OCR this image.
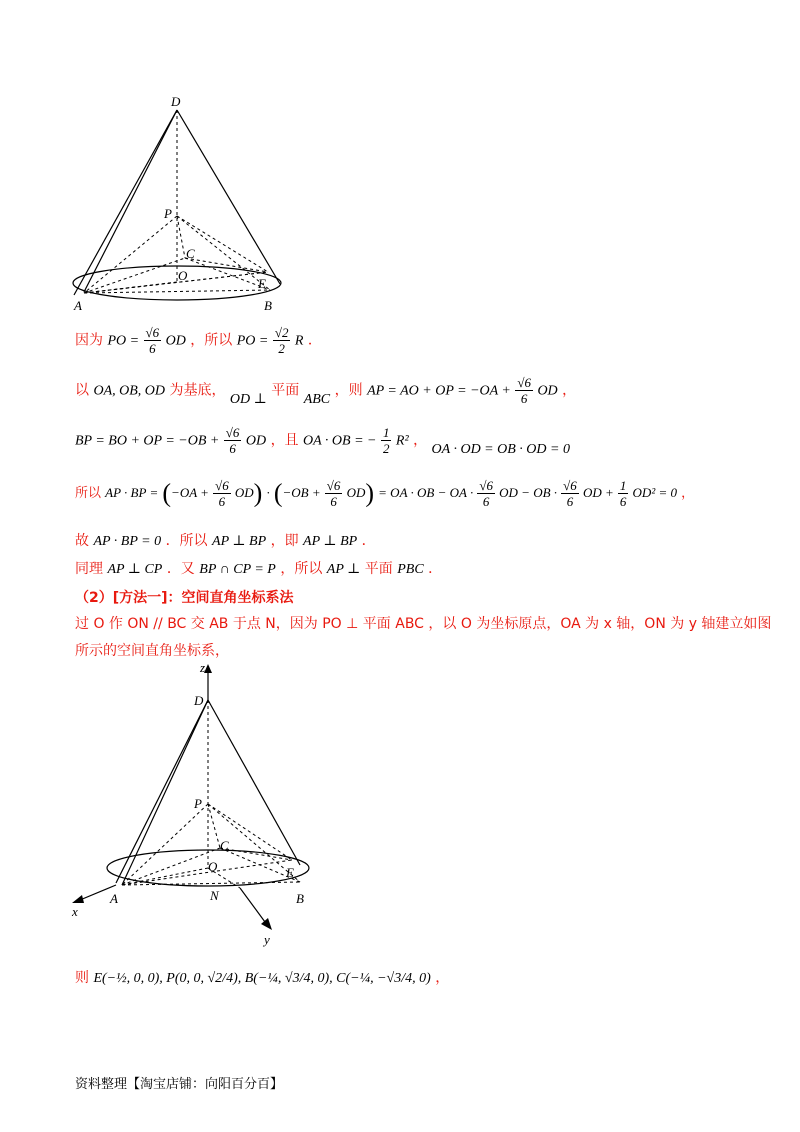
D
P
C
O
A
E
B
因为 PO = $\frac{√6}{6}$ OD ，所以 PO = $\frac{√2}{2}$ R ．
以 OA, OB, OD 为基底， OD ⊥ 平面 ABC ，则 AP = AO + OP = $-OA + \frac{√6}{6}$ OD ，
BP = BO + OP = $-OB + \frac{√6}{6}$ OD ，且 OA · OB = − $\frac{1}{2} R^2$ ， OA · OD = OB · OD = 0
所以 AP · BP = $(-OA + \frac{√6}{6} OD) \cdot (-OB + \frac{√6}{6} OD)$ = OA · OB − OA · $\frac{√6}{6}$ OD − OB · $\frac{√6}{6}$ OD + $\frac{1}{6} OD^2 = 0$ ，
故 AP · BP = 0 ．所以 AP ⊥ BP ，即 AP ⊥ BP ．
同理 AP ⊥ CP ．又 BP ∩ CP = P ，所以 AP ⊥ 平面 PBC ．
（2）[方法一]：空间直角坐标系法
过 O 作 ON // BC 交 AB 于点 N，因为 PO ⊥ 平面 ABC ，以 O 为坐标原点，OA 为 x 轴，ON 为 y 轴建立如图
所示的空间直角坐标系，
z
D
P
C
O
A
E
N	B
x
y
则 E(−½, 0, 0), P(0, 0, √2/4), B(−¼, √3/4, 0), C(−¼, −√3/4, 0) ，
资料整理【淘宝店铺：向阳百分百】
